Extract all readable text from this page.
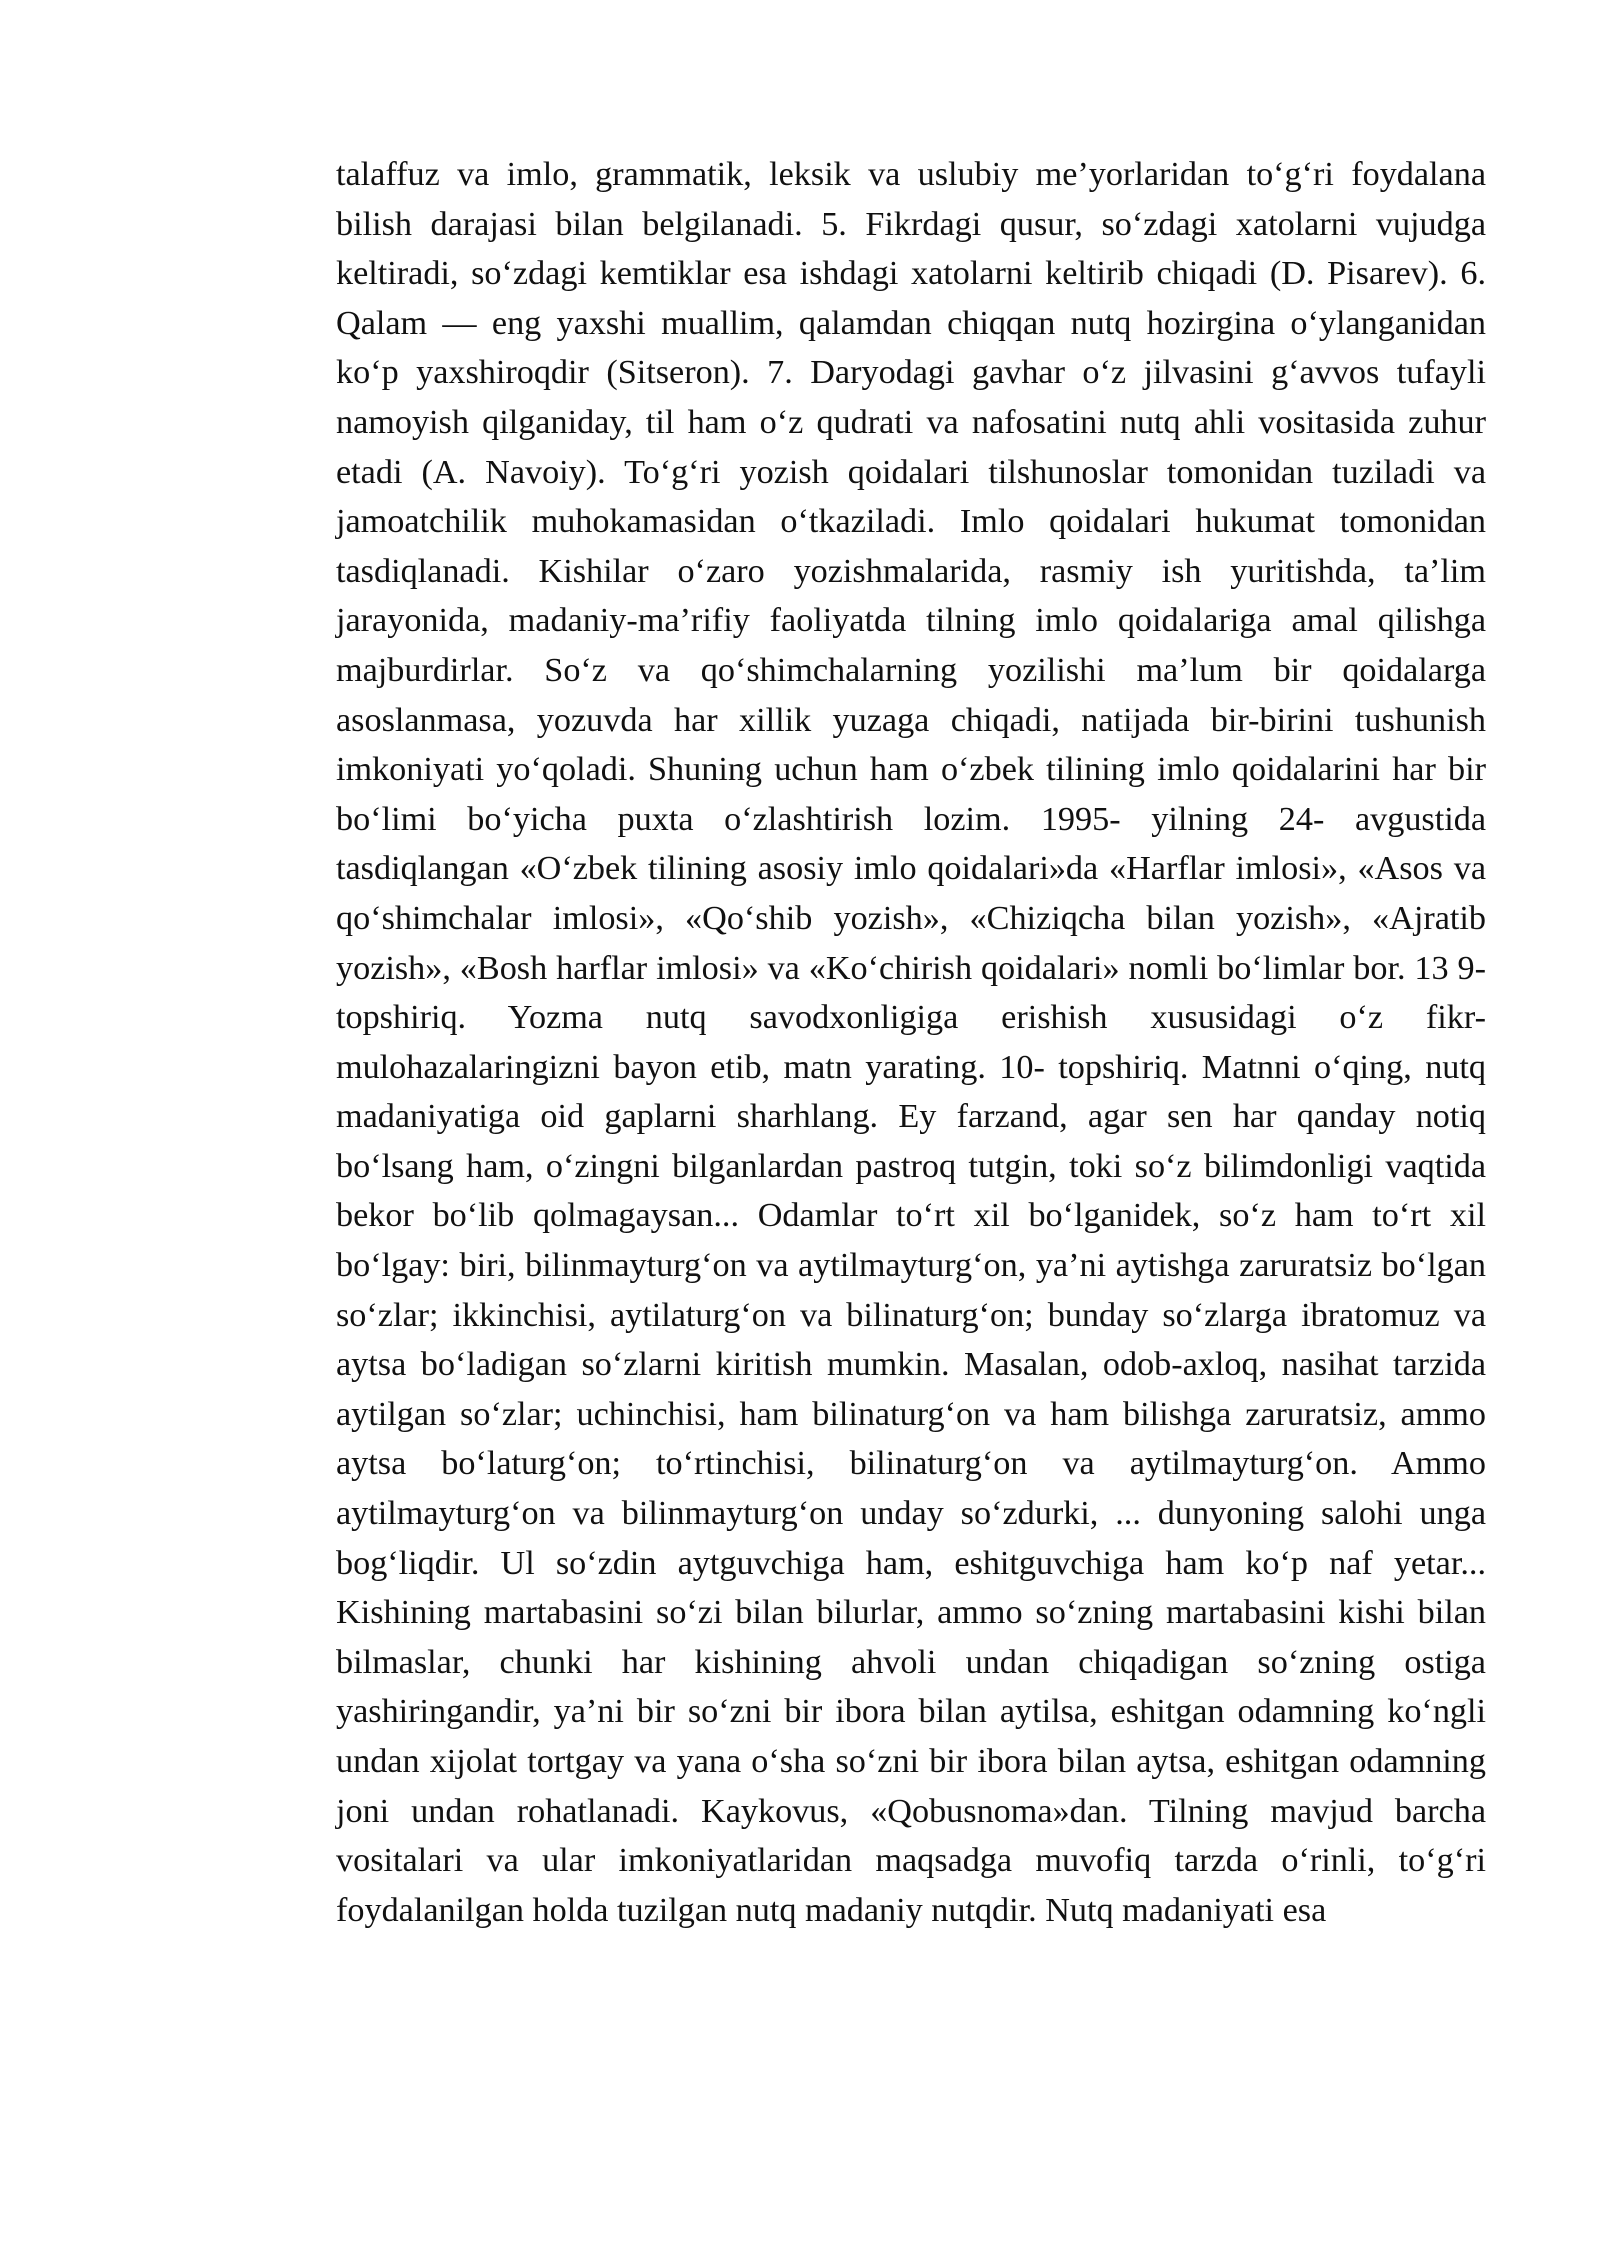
talaffuz va imlo, grammatik, leksik va uslubiy me’yorlaridan to‘g‘ri foydalana bilish darajasi bilan belgilanadi. 5. Fikrdagi qusur, so‘zdagi xatolarni vujudga keltiradi, so‘zdagi kemtiklar esa ishdagi xatolarni keltirib chiqadi (D. Pisarev). 6. Qalam — eng yaxshi muallim, qalamdan chiqqan nutq hozirgina o‘ylanganidan ko‘p yaxshiroqdir (Sitseron). 7. Daryodagi gavhar o‘z jilvasini g‘avvos tufayli namoyish qilganiday, til ham o‘z qudrati va nafosatini nutq ahli vositasida zuhur etadi (A. Navoiy). To‘g‘ri yozish qoidalari tilshunoslar tomonidan tuziladi va jamoatchilik muhokamasidan o‘tkaziladi. Imlo qoidalari hukumat tomonidan tasdiqlanadi. Kishilar o‘zaro yozishmalarida, rasmiy ish yuritishda, ta’lim jarayonida, madaniy-ma’rifiy faoliyatda tilning imlo qoidalariga amal qilishga majburdirlar. So‘z va qo‘shimchalarning yozilishi ma’lum bir qoidalarga asoslanmasa, yozuvda har xillik yuzaga chiqadi, natijada bir-birini tushunish imkoniyati yo‘qoladi. Shuning uchun ham o‘zbek tilining imlo qoidalarini har bir bo‘limi bo‘yicha puxta o‘zlashtirish lozim. 1995- yilning 24- avgustida tasdiqlangan «O‘zbek tilining asosiy imlo qoidalari»da «Harflar imlosi», «Asos va qo‘shimchalar imlosi», «Qo‘shib yozish», «Chiziqcha bilan yozish», «Ajratib yozish», «Bosh harflar imlosi» va «Ko‘chirish qoidalari» nomli bo‘limlar bor. 13 9- topshiriq. Yozma nutq savodxonligiga erishish xususidagi o‘z fikr-mulohazalaringizni bayon etib, matn yarating. 10- topshiriq. Matnni o‘qing, nutq madaniyatiga oid gaplarni sharhlang. Ey farzand, agar sen har qanday notiq bo‘lsang ham, o‘zingni bilganlardan pastroq tutgin, toki so‘z bilimdonligi vaqtida bekor bo‘lib qolmagaysan... Odamlar to‘rt xil bo‘lganidek, so‘z ham to‘rt xil bo‘lgay: biri, bilinmayturg‘on va aytilmayturg‘on, ya’ni aytishga zaruratsiz bo‘lgan so‘zlar; ikkinchisi, aytilaturg‘on va bilinaturg‘on; bunday so‘zlarga ibratomuz va aytsa bo‘ladigan so‘zlarni kiritish mumkin. Masalan, odob-axloq, nasihat tarzida aytilgan so‘zlar; uchinchisi, ham bilinaturg‘on va ham bilishga zaruratsiz, ammo aytsa bo‘laturg‘on; to‘rtinchisi, bilinaturg‘on va aytilmayturg‘on. Ammo aytilmayturg‘on va bilinmayturg‘on unday so‘zdurki, ... dunyoning salohi unga bog‘liqdir. Ul so‘zdin aytguvchiga ham, eshitguvchiga ham ko‘p naf yetar... Kishining martabasini so‘zi bilan bilurlar, ammo so‘zning martabasini kishi bilan bilmaslar, chunki har kishining ahvoli undan chiqadigan so‘zning ostiga yashiringandir, ya’ni bir so‘zni bir ibora bilan aytilsa, eshitgan odamning ko‘ngli undan xijolat tortgay va yana o‘sha so‘zni bir ibora bilan aytsa, eshitgan odamning joni undan rohatlanadi. Kaykovus, «Qobusnoma»dan. Tilning mavjud barcha vositalari va ular imkoniyatlaridan maqsadga muvofiq tarzda o‘rinli, to‘g‘ri foydalanilgan holda tuzilgan nutq madaniy nutqdir. Nutq madaniyati esa
